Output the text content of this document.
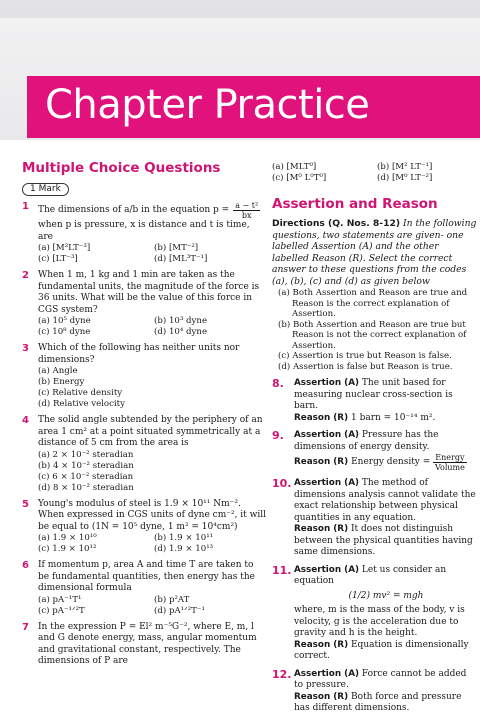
Chapter Practice
Multiple Choice Questions
1 Mark
1 The dimensions of a/b in the equation $p = \frac{\text{a − t²}}{bx}$
when p is pressure, x is distance and t is time, are
(a) [M²LT⁻³]	(b) [MT⁻²]
(c) [LT⁻³]	(d) [ML³T⁻¹]
2 When 1 m, 1 kg and 1 min are taken as the fundamental units, the magnitude of the force is 36 units. What will be the value of this force in CGS system?
(a) 10⁵ dyne	(b) 10³ dyne
(c) 10⁸ dyne	(d) 10⁴ dyne
3 Which of the following has neither units nor dimensions?
(a) Angle
(b) Energy
(c) Relative density
(d) Relative velocity
4 The solid angle subtended by the periphery of an area 1 cm² at a point situated symmetrically at a distance of 5 cm from the area is
(a) 2 × 10⁻² steradian
(b) 4 × 10⁻² steradian
(c) 6 × 10⁻² steradian
(d) 8 × 10⁻² steradian
5 Young's modulus of steel is 1.9 × 10¹¹ Nm⁻². When expressed in CGS units of dyne cm⁻², it will be equal to (1N = 10⁵ dyne, 1 m² = 10⁴cm²)
(a) 1.9 × 10¹⁰	(b) 1.9 × 10¹¹
(c) 1.9 × 10¹²	(d) 1.9 × 10¹³
6 If momentum p, area A and time T are taken to be fundamental quantities, then energy has the dimensional formula
(a) pA⁻¹T¹	(b) p²AT
(c) pA⁻¹ᐟ²T	(d) pA¹ᐟ²T⁻¹
7 In the expression P = El² m⁻⁵G⁻², where E, m, l and G denote energy, mass, angular momentum and gravitational constant, respectively. The dimensions of P are
(a) [MLT⁰]	(b) [M² LT⁻¹]
(c) [M⁰ L⁰T⁰]	(d) [M⁰ LT⁻²]
Assertion and Reason
Directions (Q. Nos. 8-12) In the following questions, two statements are given- one labelled Assertion (A) and the other labelled Reason (R). Select the correct answer to these questions from the codes (a), (b), (c) and (d) as given below
(a) Both Assertion and Reason are true and Reason is the correct explanation of Assertion.
(b) Both Assertion and Reason are true but Reason is not the correct explanation of Assertion.
(c) Assertion is true but Reason is false.
(d) Assertion is false but Reason is true.
8. Assertion (A) The unit based for measuring nuclear cross-section is barn.
Reason (R) 1 barn = 10⁻¹⁴ m².
9. Assertion (A) Pressure has the dimensions of energy density.
Reason (R) Energy density = $\frac{\text{Energy}}{\text{Volume}}$
10. Assertion (A) The method of dimensions analysis cannot validate the exact relationship between physical quantities in any equation.
Reason (R) It does not distinguish between the physical quantities having same dimensions.
11. Assertion (A) Let us consider an equation
(1/2) mv² = mgh
where, m is the mass of the body, v is velocity, g is the acceleration due to gravity and h is the height.
Reason (R) Equation is dimensionally correct.
12. Assertion (A) Force cannot be added to pressure.
Reason (R) Both force and pressure has different dimensions.
